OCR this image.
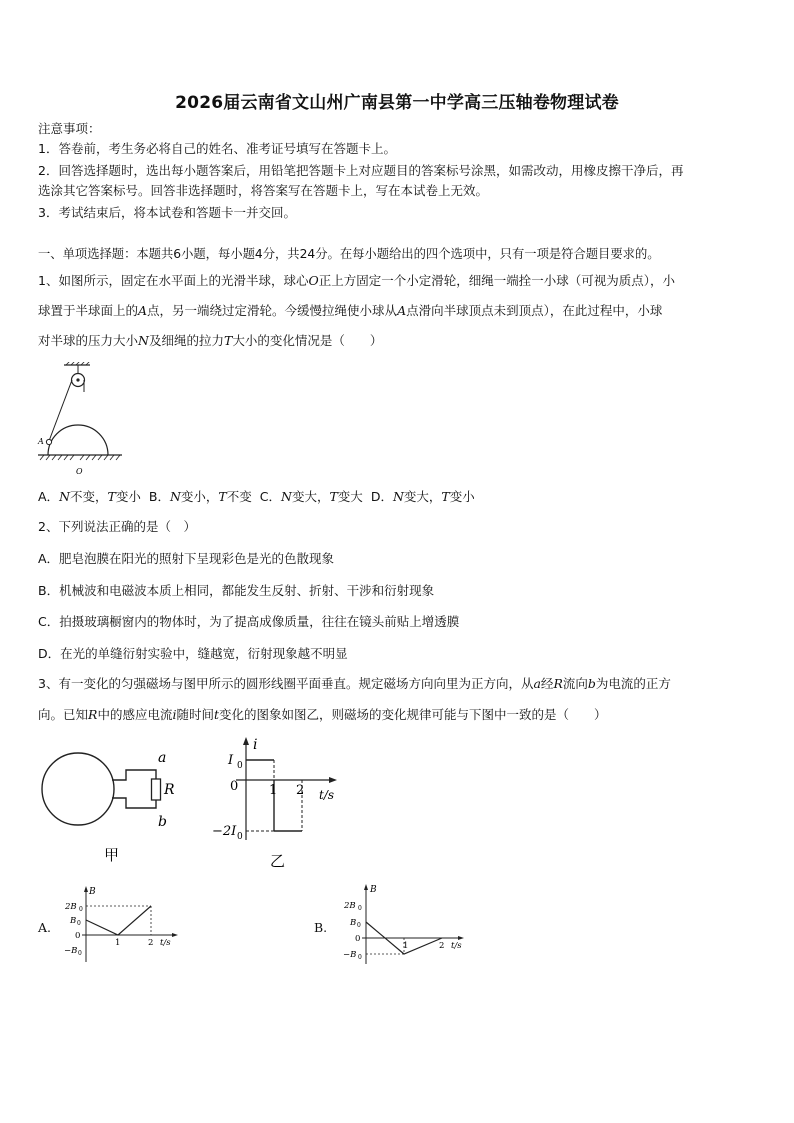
2026届云南省文山州广南县第一中学高三压轴卷物理试卷
注意事项：
1．答卷前，考生务必将自己的姓名、准考证号填写在答题卡上。
2．回答选择题时，选出每小题答案后，用铅笔把答题卡上对应题目的答案标号涂黑，如需改动，用橡皮擦干净后，再
选涂其它答案标号。回答非选择题时，将答案写在答题卡上，写在本试卷上无效。
3．考试结束后，将本试卷和答题卡一并交回。
一、单项选择题：本题共6小题，每小题4分，共24分。在每小题给出的四个选项中，只有一项是符合题目要求的。
1、如图所示，固定在水平面上的光滑半球，球心O正上方固定一个小定滑轮，细绳一端拴一小球（可视为质点），小
球置于半球面上的A点，另一端绕过定滑轮。今缓慢拉绳使小球从A点滑向半球顶点未到顶点），在此过程中，小球
对半球的压力大小N及细绳的拉力T大小的变化情况是（　　）
A
O
A．N不变，T变小 B．N变小，T不变 C．N变大，T变大 D．N变大，T变小
2、下列说法正确的是（　）
A．肥皂泡膜在阳光的照射下呈现彩色是光的色散现象
B．机械波和电磁波本质上相同，都能发生反射、折射、干涉和衍射现象
C．拍摄玻璃橱窗内的物体时，为了提高成像质量，往往在镜头前贴上增透膜
D．在光的单缝衍射实验中，缝越宽，衍射现象越不明显
3、有一变化的匀强磁场与图甲所示的圆形线圈平面垂直。规定磁场方向向里为正方向，从a经R流向b为电流的正方
向。已知R中的感应电流i随时间t变化的图象如图乙，则磁场的变化规律可能与下图中一致的是（　　）
a
R
b
甲
i
I 0
0 1 2 t/s
−2I 0
乙
A.
B
2B 0
B 0
0
−B 0
1	2 t/s
B.
B
2B 0
B 0
0
−B 0
1	2 t/s
